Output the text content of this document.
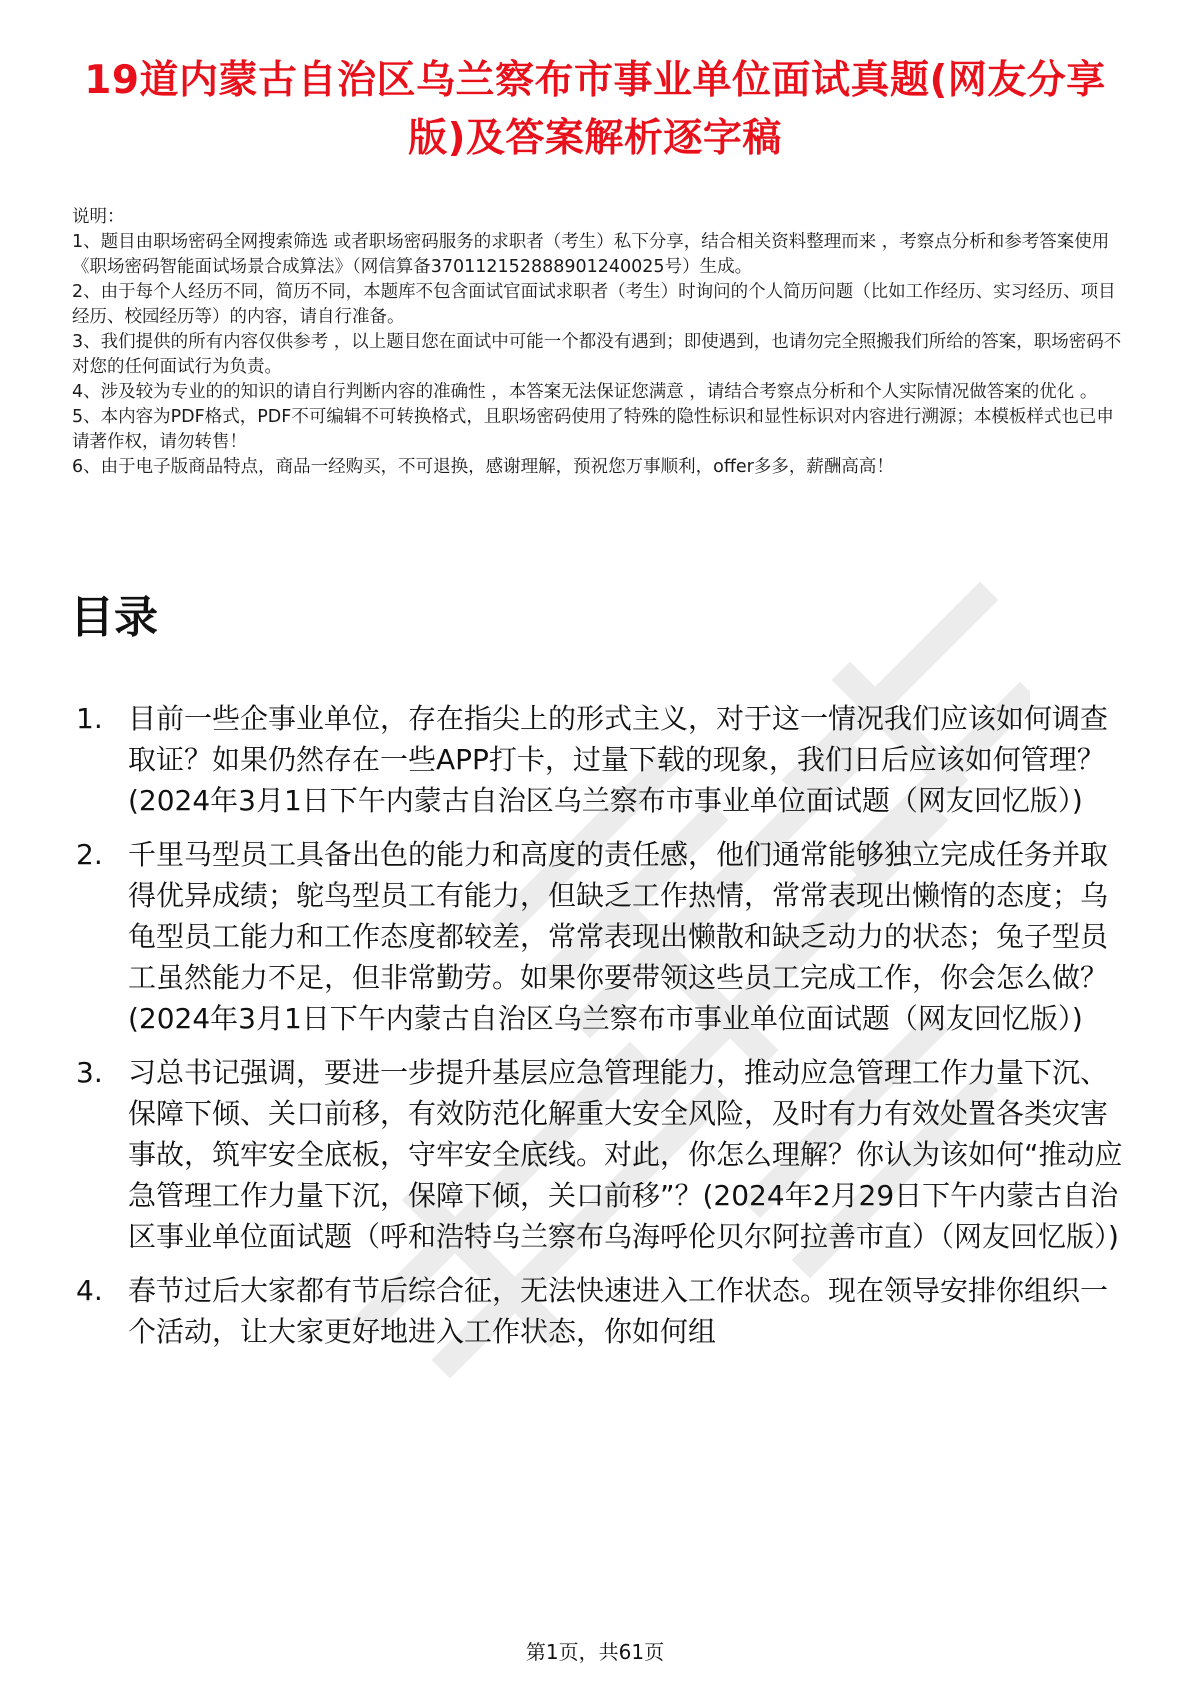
19道内蒙古自治区乌兰察布市事业单位面试真题(网友分享版)及答案解析逐字稿

说明：

1、题目由职场密码全网搜索筛选 或者职场密码服务的求职者（考生）私下分享，结合相关资料整理而来 ，考察点分析和参考答案使用《职场密码智能面试场景合成算法》（网信算备370112152888901240025号）生成。

2、由于每个人经历不同，简历不同，本题库不包含面试官面试求职者（考生）时询问的个人简历问题（比如工作经历、实习经历、项目经历、校园经历等）的内容，请自行准备。

3、我们提供的所有内容仅供参考 ，以上题目您在面试中可能一个都没有遇到；即使遇到，也请勿完全照搬我们所给的答案，职场密码不对您的任何面试行为负责。

4、涉及较为专业的的知识的请自行判断内容的准确性 ，本答案无法保证您满意 ，请结合考察点分析和个人实际情况做答案的优化 。

5、本内容为PDF格式，PDF不可编辑不可转换格式，且职场密码使用了特殊的隐性标识和显性标识对内容进行溯源；本模板样式也已申请著作权，请勿转售！

6、由于电子版商品特点，商品一经购买，不可退换，感谢理解，预祝您万事顺利，offer多多，薪酬高高！

目录
1. 目前一些企事业单位，存在指尖上的形式主义，对于这一情况我们应该如何调查取证？如果仍然存在一些APP打卡，过量下载的现象，我们日后应该如何管理？(2024年3月1日下午内蒙古自治区乌兰察布市事业单位面试题（网友回忆版）)
2. 千里马型员工具备出色的能力和高度的责任感，他们通常能够独立完成任务并取得优异成绩；鸵鸟型员工有能力，但缺乏工作热情，常常表现出懒惰的态度；乌龟型员工能力和工作态度都较差，常常表现出懒散和缺乏动力的状态；兔子型员工虽然能力不足，但非常勤劳。如果你要带领这些员工完成工作，你会怎么做？(2024年3月1日下午内蒙古自治区乌兰察布市事业单位面试题（网友回忆版）)
3. 习总书记强调，要进一步提升基层应急管理能力，推动应急管理工作力量下沉、保障下倾、关口前移，有效防范化解重大安全风险，及时有力有效处置各类灾害事故，筑牢安全底板，守牢安全底线。对此，你怎么理解？你认为该如何“推动应急管理工作力量下沉，保障下倾，关口前移”？(2024年2月29日下午内蒙古自治区事业单位面试题（呼和浩特乌兰察布乌海呼伦贝尔阿拉善市直）（网友回忆版）)
4. 春节过后大家都有节后综合征，无法快速进入工作状态。现在领导安排你组织一个活动，让大家更好地进入工作状态，你如何组
第1页，共61页
